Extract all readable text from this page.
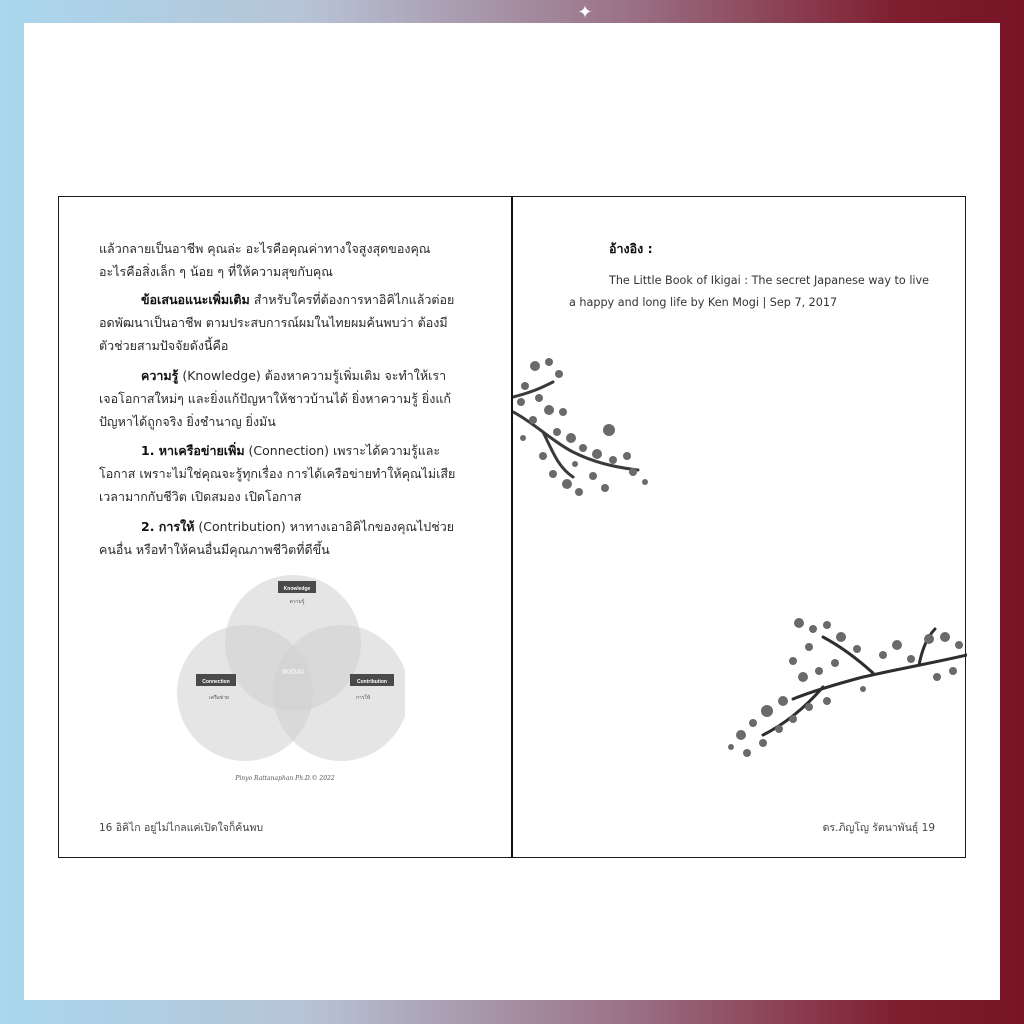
✦

แล้วกลายเป็นอาชีพ คุณล่ะ อะไรคือคุณค่าทางใจสูงสุดของคุณ อะไรคือสิ่งเล็ก ๆ น้อย ๆ ที่ให้ความสุขกับคุณ

ข้อเสนอแนะเพิ่มเติม สำหรับใครที่ต้องการหาอิคิไกแล้วต่อยอดพัฒนาเป็นอาชีพ ตามประสบการณ์ผมในไทยผมค้นพบว่า ต้องมีตัวช่วยสามปัจจัยดังนี้คือ

ความรู้ (Knowledge) ต้องหาความรู้เพิ่มเติม จะทำให้เราเจอโอกาสใหม่ๆ และยิ่งแก้ปัญหาให้ชาวบ้านได้ ยิ่งหาความรู้ ยิ่งแก้ปัญหาได้ถูกจริง ยิ่งชำนาญ ยิ่งมัน

1. หาเครือข่ายเพิ่ม (Connection) เพราะได้ความรู้และโอกาส เพราะไม่ใช่คุณจะรู้ทุกเรื่อง การได้เครือข่ายทำให้คุณไม่เสียเวลามากกับชีวิต เปิดสมอง เปิดโอกาส

2. การให้ (Contribution) หาทางเอาอิคิไกของคุณไปช่วยคนอื่น หรือทำให้คนอื่นมีคุณภาพชีวิตที่ดีขึ้น

Knowledge
ความรู้
Connection
เครือข่าย
Contribution
การให้
IKIGAI
Pinyo Rattanaphan Ph.D.© 2022
16 อิคิไก อยู่ไม่ไกลแค่เปิดใจก็ค้นพบ
อ้างอิง :

The Little Book of Ikigai : The secret Japanese way to live a happy and long life by Ken Mogi | Sep 7, 2017

ดร.ภิญโญ รัตนาพันธุ์ 19
